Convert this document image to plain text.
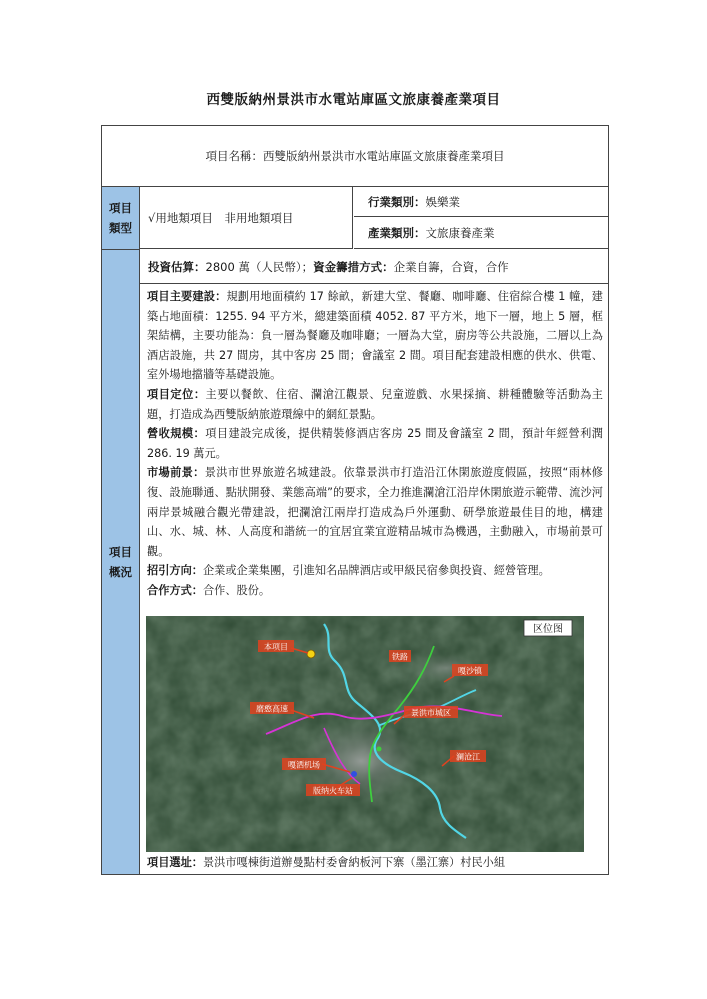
西雙版納州景洪市水電站庫區文旅康養產業項目
項目名稱：西雙版納州景洪市水電站庫區文旅康養產業項目
項目
類型
√用地類項目　非用地類項目
行業類別： 娛樂業
產業類別： 文旅康養產業
項目
概況
投資估算： 2800 萬（人民幣）； 資金籌措方式： 企業自籌，合資，合作

項目主要建設：規劃用地面積約 17 餘畝，新建大堂、餐廳、咖啡廳、住宿綜合樓 1 幢，建築占地面積：1255. 94 平方米，總建築面積 4052. 87 平方米，地下一層，地上 5 層，框架結構，主要功能為：負一層為餐廳及咖啡廳；一層為大堂，廚房等公共設施，二層以上為酒店設施，共 27 間房，其中客房 25 間；會議室 2 間。項目配套建設相應的供水、供電、室外場地擋牆等基礎設施。

項目定位：主要以餐飲、住宿、瀾滄江觀景、兒童遊戲、水果採摘、耕種體驗等活動為主題，打造成為西雙版納旅遊環線中的網紅景點。

營收規模：項目建設完成後，提供精裝修酒店客房 25 間及會議室 2 間，預計年經營利潤 286. 19 萬元。

市場前景：景洪市世界旅遊名城建設。依靠景洪市打造沿江休閑旅遊度假區，按照“雨林修復、設施聯通、點狀開發、業態高端”的要求，全力推進瀾滄江沿岸休閑旅遊示範帶、流沙河兩岸景城融合觀光帶建設，把瀾滄江兩岸打造成為戶外運動、研學旅遊最佳目的地，構建山、水、城、林、人高度和諧統一的宜居宜業宜遊精品城市為機遇，主動融入，市場前景可觀。

招引方向：企業或企業集團，引進知名品牌酒店或甲級民宿參與投資、經營管理。

合作方式：合作、股份。

本项目
铁路
嘎沙镇
磨憨高速	景洪市城区
嘎洒机场
澜沧江
版纳火车站
区位图
項目選址：景洪市嘎棟街道辦曼點村委會納板河下寨（墨江寨）村民小組
